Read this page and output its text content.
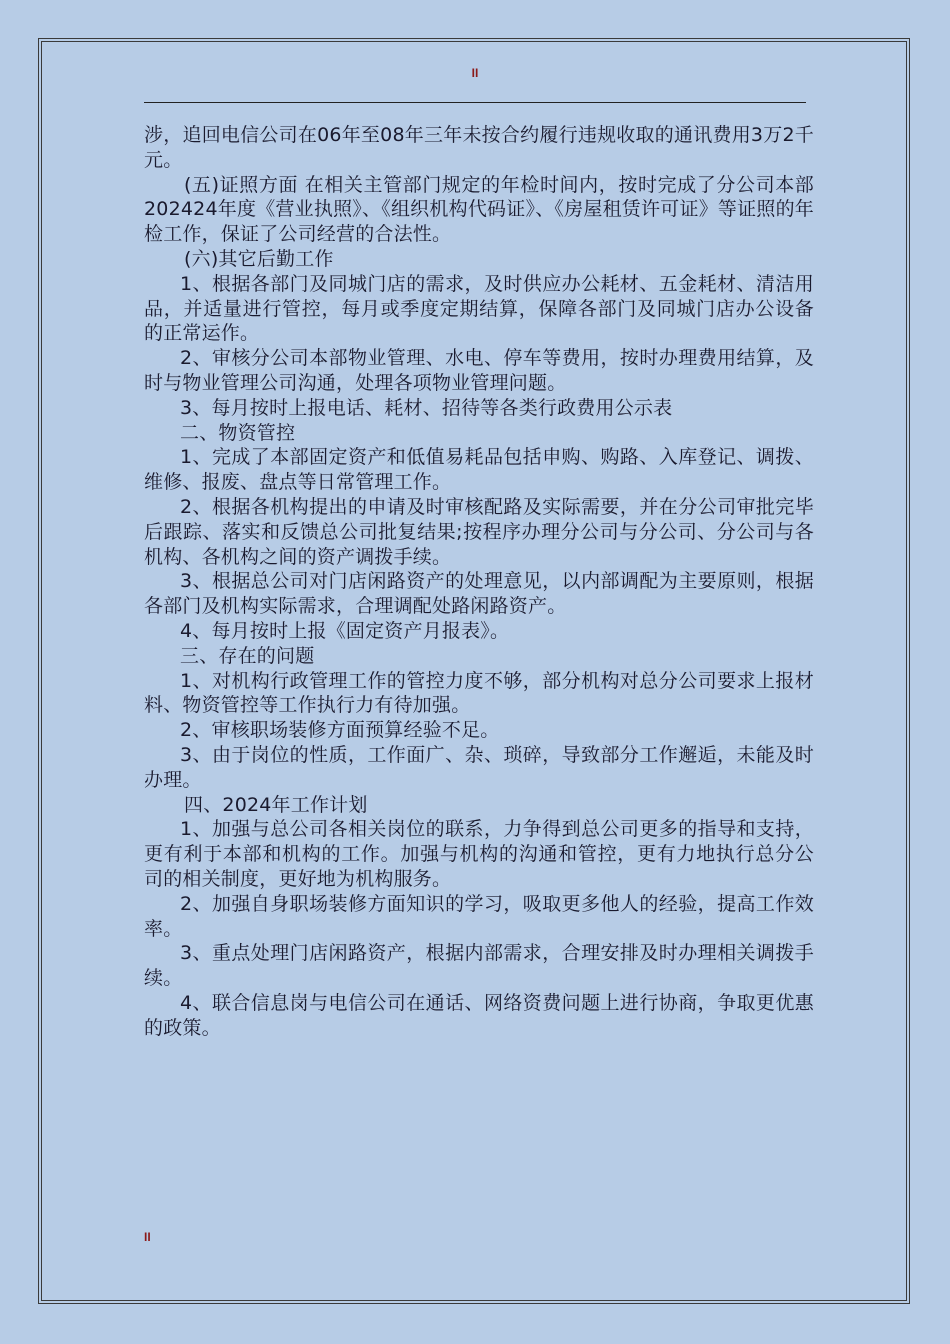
II

涉，追回电信公司在06年至08年三年未按合约履行违规收取的通讯费用3万2千元。

(五)证照方面 在相关主管部门规定的年检时间内，按时完成了分公司本部202424年度《营业执照》、《组织机构代码证》、《房屋租赁许可证》等证照的年检工作，保证了公司经营的合法性。

(六)其它后勤工作

1、根据各部门及同城门店的需求，及时供应办公耗材、五金耗材、清洁用品，并适量进行管控，每月或季度定期结算，保障各部门及同城门店办公设备的正常运作。

2、审核分公司本部物业管理、水电、停车等费用，按时办理费用结算，及时与物业管理公司沟通，处理各项物业管理问题。

3、每月按时上报电话、耗材、招待等各类行政费用公示表

二、物资管控

1、完成了本部固定资产和低值易耗品包括申购、购路、入库登记、调拨、维修、报废、盘点等日常管理工作。

2、根据各机构提出的申请及时审核配路及实际需要，并在分公司审批完毕后跟踪、落实和反馈总公司批复结果;按程序办理分公司与分公司、分公司与各机构、各机构之间的资产调拨手续。

3、根据总公司对门店闲路资产的处理意见，以内部调配为主要原则，根据各部门及机构实际需求，合理调配处路闲路资产。

4、每月按时上报《固定资产月报表》。

三、存在的问题

1、对机构行政管理工作的管控力度不够，部分机构对总分公司要求上报材料、物资管控等工作执行力有待加强。

2、审核职场装修方面预算经验不足。

3、由于岗位的性质，工作面广、杂、琐碎，导致部分工作邂逅，未能及时办理。

四、2024年工作计划

1、加强与总公司各相关岗位的联系，力争得到总公司更多的指导和支持，更有利于本部和机构的工作。加强与机构的沟通和管控，更有力地执行总分公司的相关制度，更好地为机构服务。

2、加强自身职场装修方面知识的学习，吸取更多他人的经验，提高工作效率。

3、重点处理门店闲路资产，根据内部需求，合理安排及时办理相关调拨手续。

4、联合信息岗与电信公司在通话、网络资费问题上进行协商，争取更优惠的政策。

II
